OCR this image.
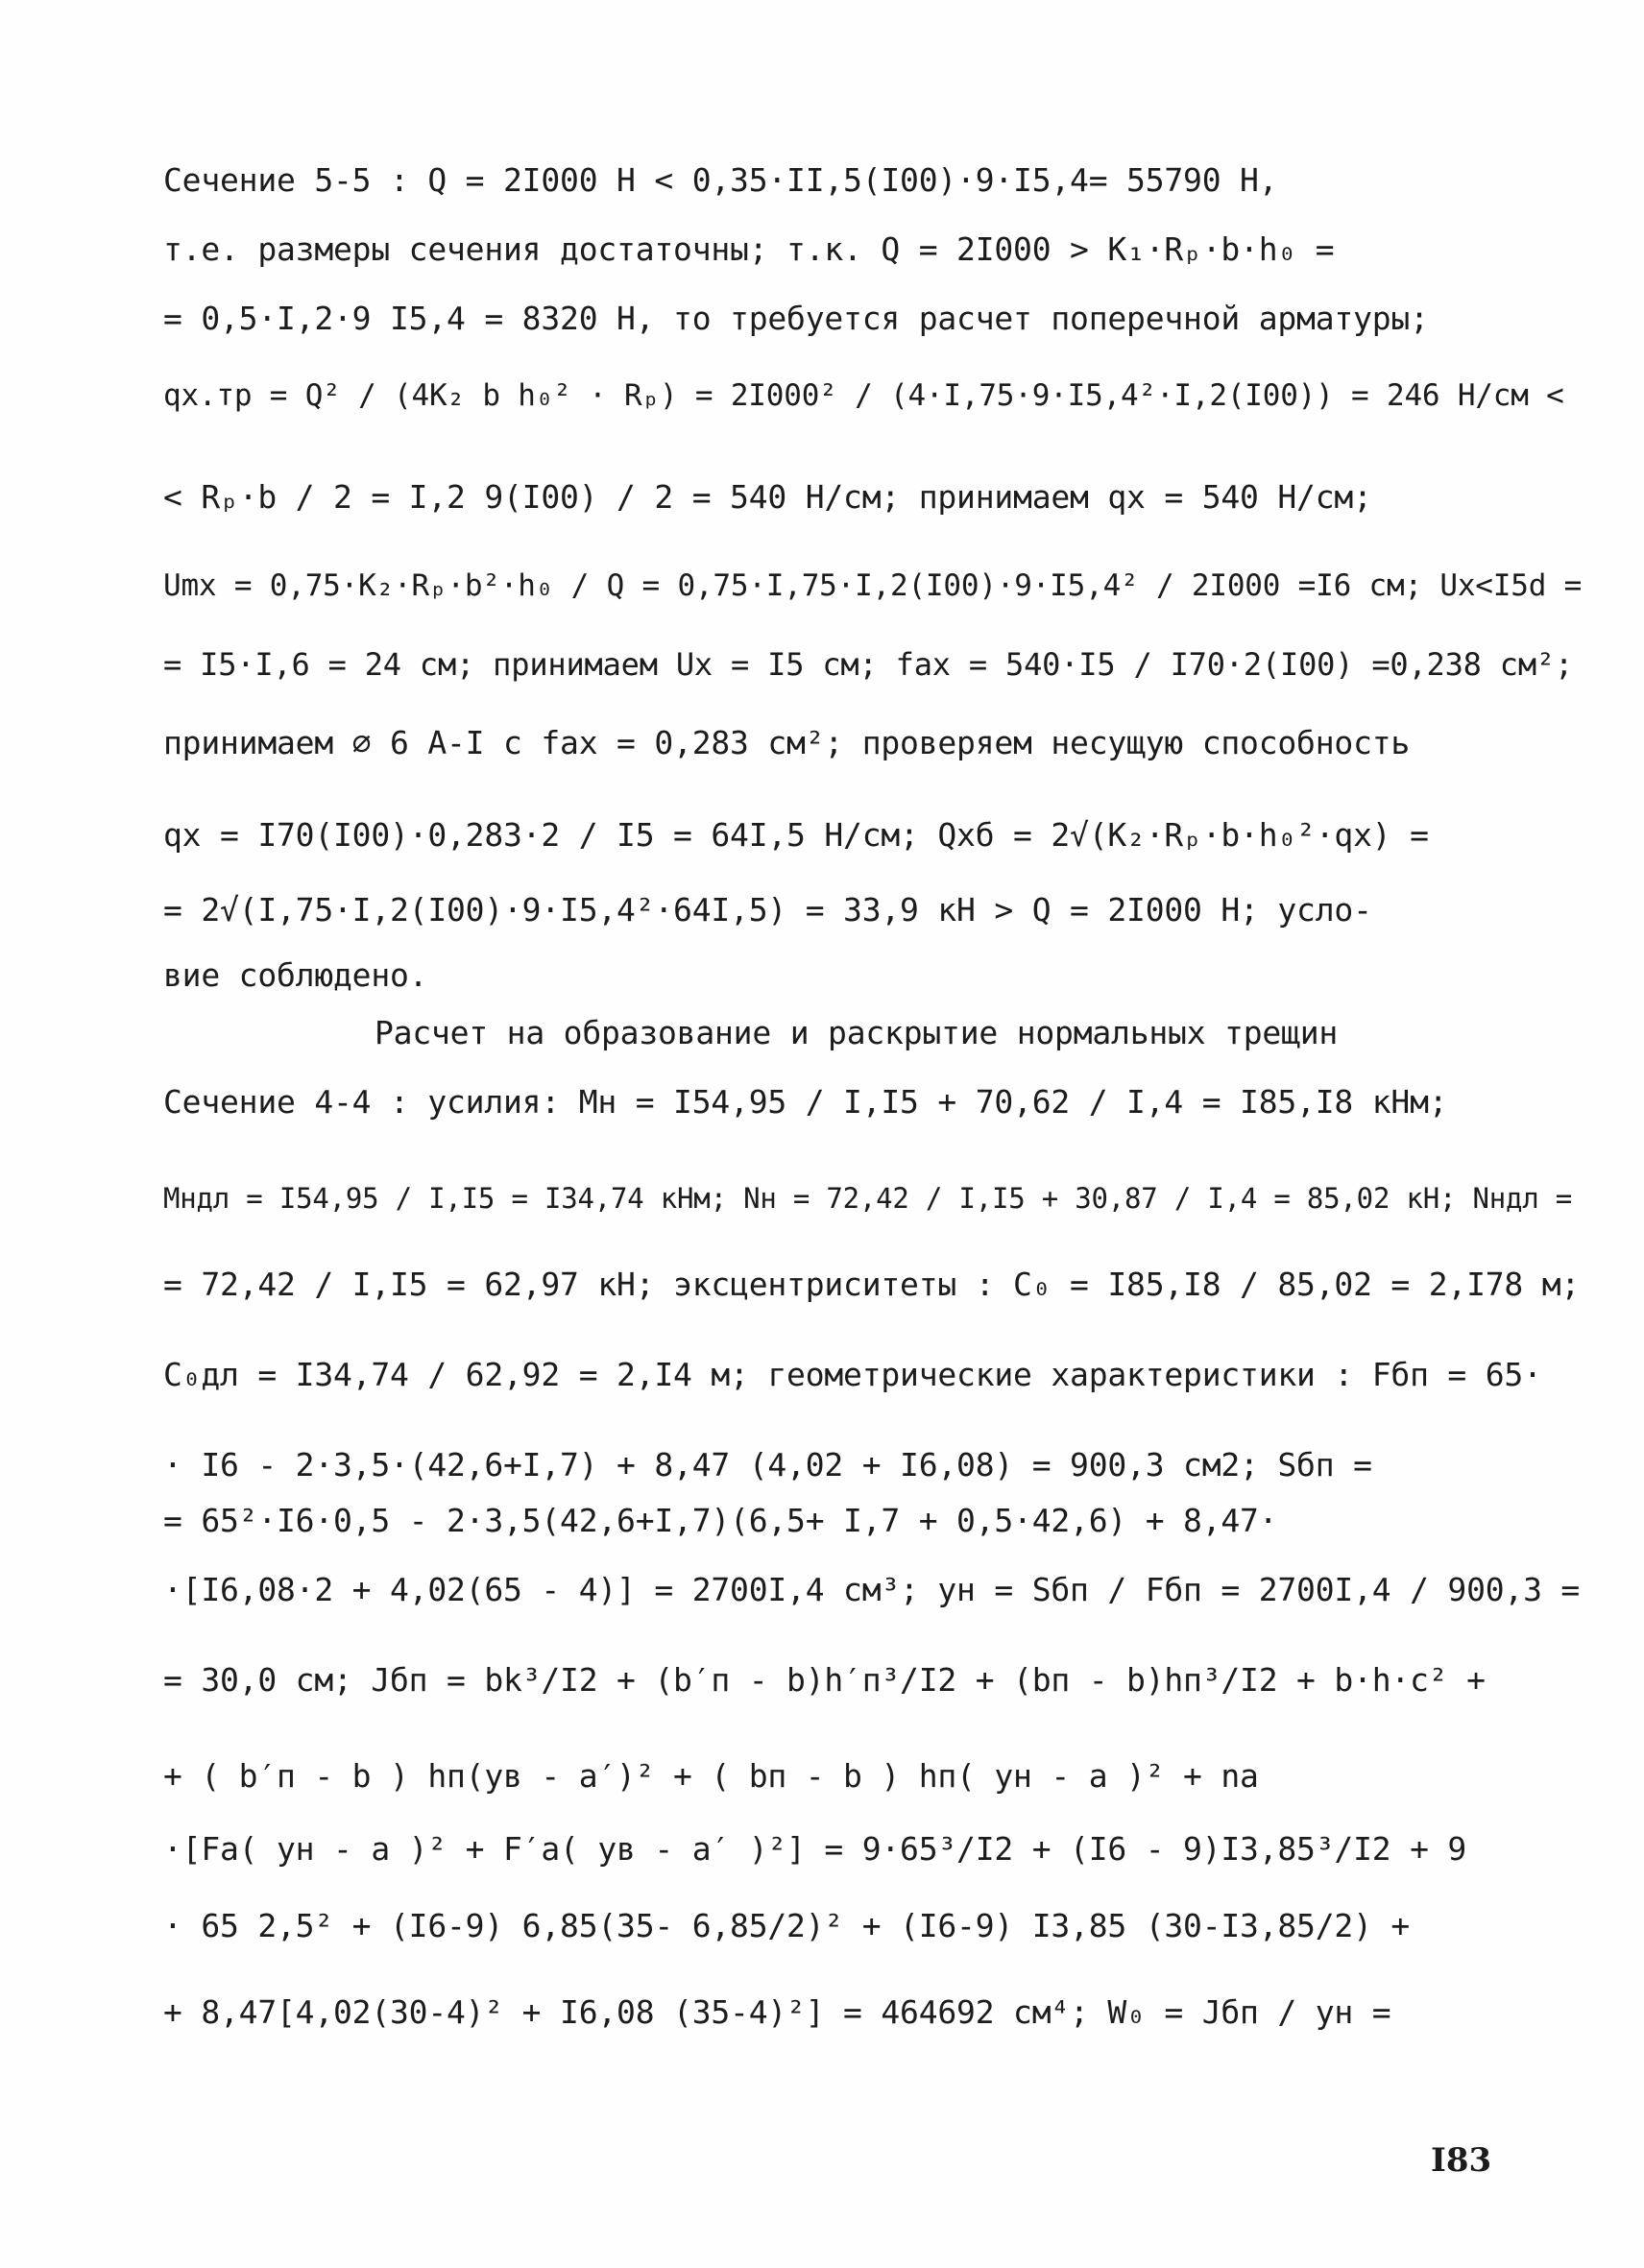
Сечение 5-5 : Q = 2I000 Н < 0,35·II,5(I00)·9·I5,4= 55790 Н,
т.е. размеры сечения достаточны; т.к. Q = 2I000 > K₁·Rₚ·b·h₀ =
= 0,5·I,2·9 I5,4 = 8320 Н, то требуется расчет поперечной арматуры;
qх.тр = Q² / (4K₂ b h₀² · Rₚ) = 2I000² / (4·I,75·9·I5,4²·I,2(I00)) = 246 Н/см <
< Rₚ·b / 2 = I,2 9(I00) / 2 = 540 Н/см; принимаем qх = 540 Н/см;
Umx = 0,75·K₂·Rₚ·b²·h₀ / Q = 0,75·I,75·I,2(I00)·9·I5,4² / 2I000 =I6 см; Uх<I5d =
= I5·I,6 = 24 см; принимаем Uх = I5 см; fах = 540·I5 / I70·2(I00) =0,238 см²;
принимаем ∅ 6 А-I с fах = 0,283 см²; проверяем несущую способность
qх = I70(I00)·0,283·2 / I5 = 64I,5 Н/см; Qхб = 2√(K₂·Rₚ·b·h₀²·qх) =
= 2√(I,75·I,2(I00)·9·I5,4²·64I,5) = 33,9 кН > Q = 2I000 Н; усло-
вие соблюдено.
Расчет на образование и раскрытие нормальных трещин
Сечение 4-4 : усилия: Mн = I54,95 / I,I5 + 70,62 / I,4 = I85,I8 кНм;
Mндл = I54,95 / I,I5 = I34,74 кНм; Nн = 72,42 / I,I5 + 30,87 / I,4 = 85,02 кН; Nндл =
= 72,42 / I,I5 = 62,97 кН; эксцентриситеты : C₀ = I85,I8 / 85,02 = 2,I78 м;
C₀дл = I34,74 / 62,92 = 2,I4 м; геометрические характеристики : Fбп = 65·
· I6 - 2·3,5·(42,6+I,7) + 8,47 (4,02 + I6,08) = 900,3 см2; Sбп =
= 65²·I6·0,5 - 2·3,5(42,6+I,7)(6,5+ I,7 + 0,5·42,6) + 8,47·
·[I6,08·2 + 4,02(65 - 4)] = 2700I,4 см³; yн = Sбп / Fбп = 2700I,4 / 900,3 =
= 30,0 см; Jбп = bk³/I2 + (b′п - b)h′п³/I2 + (bп - b)hп³/I2 + b·h·c² +
+ ( b′п - b ) hп(yв - a′)² + ( bп - b ) hп( yн - a )² + nа
·[Fа( yн - a )² + F′а( yв - a′ )²] = 9·65³/I2 + (I6 - 9)I3,85³/I2 + 9
· 65 2,5² + (I6-9) 6,85(35- 6,85/2)² + (I6-9) I3,85 (30-I3,85/2) +
+ 8,47[4,02(30-4)² + I6,08 (35-4)²] = 464692 см⁴; W₀ = Jбп / yн =
I83
